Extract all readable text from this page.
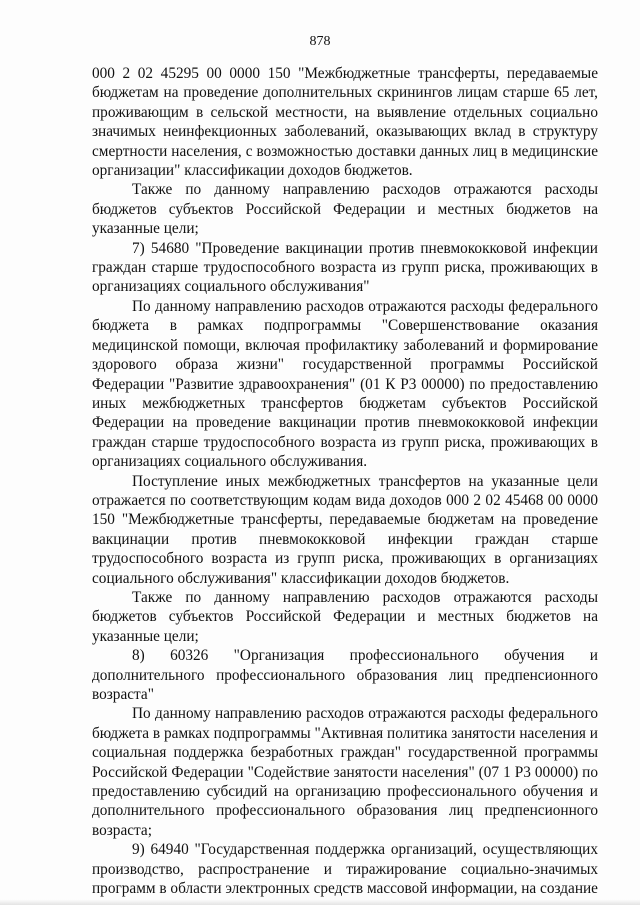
878

000 2 02 45295 00 0000 150 "Межбюджетные трансферты, передаваемые бюджетам на проведение дополнительных скринингов лицам старше 65 лет, проживающим в сельской местности, на выявление отдельных социально значимых неинфекционных заболеваний, оказывающих вклад в структуру смертности населения, с возможностью доставки данных лиц в медицинские организации" классификации доходов бюджетов.

Также по данному направлению расходов отражаются расходы бюджетов субъектов Российской Федерации и местных бюджетов на указанные цели;

7) 54680 "Проведение вакцинации против пневмококковой инфекции граждан старше трудоспособного возраста из групп риска, проживающих в организациях социального обслуживания"

По данному направлению расходов отражаются расходы федерального бюджета в рамках подпрограммы "Совершенствование оказания медицинской помощи, включая профилактику заболеваний и формирование здорового образа жизни" государственной программы Российской Федерации "Развитие здравоохранения" (01 К Р3 00000) по предоставлению иных межбюджетных трансфертов бюджетам субъектов Российской Федерации на проведение вакцинации против пневмококковой инфекции граждан старше трудоспособного возраста из групп риска, проживающих в организациях социального обслуживания.

Поступление иных межбюджетных трансфертов на указанные цели отражается по соответствующим кодам вида доходов 000 2 02 45468 00 0000 150 "Межбюджетные трансферты, передаваемые бюджетам на проведение вакцинации против пневмококковой инфекции граждан старше трудоспособного возраста из групп риска, проживающих в организациях социального обслуживания" классификации доходов бюджетов.

Также по данному направлению расходов отражаются расходы бюджетов субъектов Российской Федерации и местных бюджетов на указанные цели;

8) 60326 "Организация профессионального обучения и дополнительного профессионального образования лиц предпенсионного возраста"

По данному направлению расходов отражаются расходы федерального бюджета в рамках подпрограммы "Активная политика занятости населения и социальная поддержка безработных граждан" государственной программы Российской Федерации "Содействие занятости населения" (07 1 Р3 00000) по предоставлению субсидий на организацию профессионального обучения и дополнительного профессионального образования лиц предпенсионного возраста;

9) 64940 "Государственная поддержка организаций, осуществляющих производство, распространение и тиражирование социально-значимых программ в области электронных средств массовой информации, на создание
